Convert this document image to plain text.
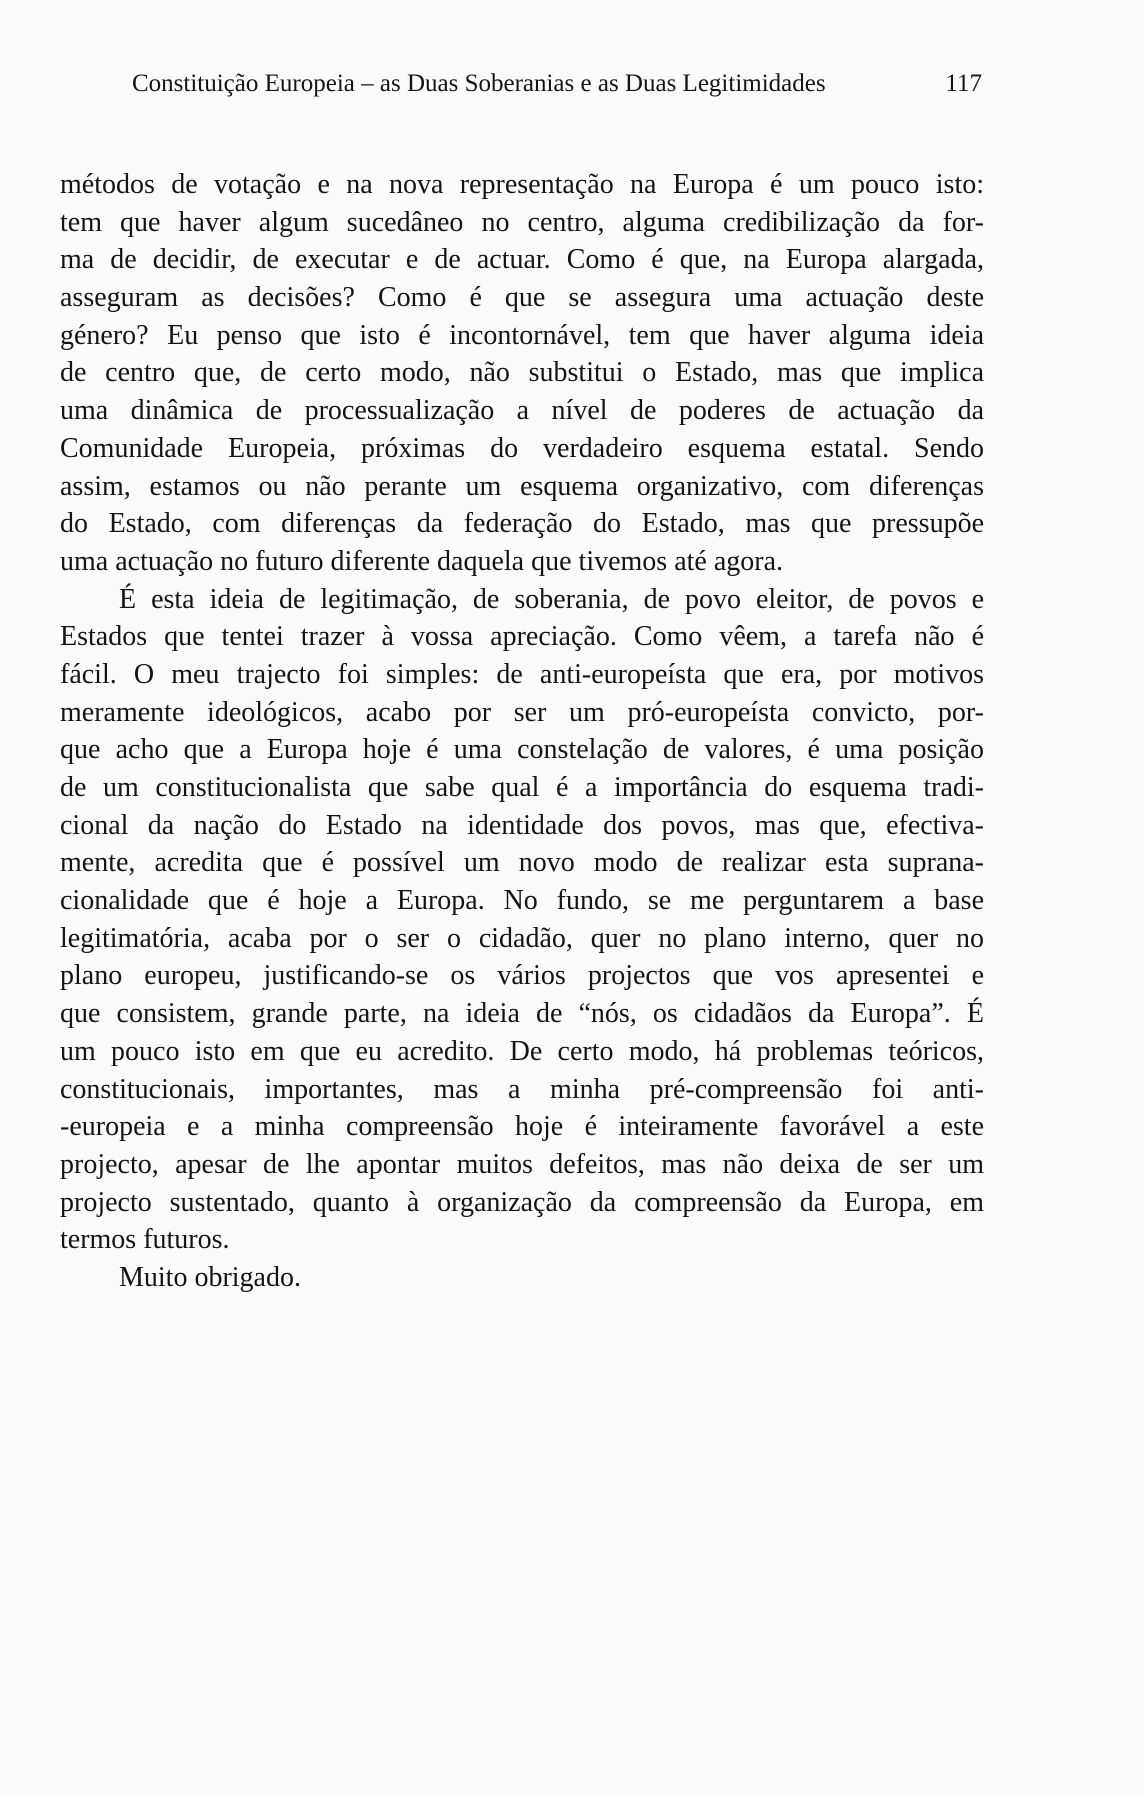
Constituição Europeia – as Duas Soberanias e as Duas Legitimidades	117
métodos de votação e na nova representação na Europa é um pouco isto:
tem que haver algum sucedâneo no centro, alguma credibilização da for-
ma de decidir, de executar e de actuar. Como é que, na Europa alargada,
asseguram as decisões? Como é que se assegura uma actuação deste
género? Eu penso que isto é incontornável, tem que haver alguma ideia
de centro que, de certo modo, não substitui o Estado, mas que implica
uma dinâmica de processualização a nível de poderes de actuação da
Comunidade Europeia, próximas do verdadeiro esquema estatal. Sendo
assim, estamos ou não perante um esquema organizativo, com diferenças
do Estado, com diferenças da federação do Estado, mas que pressupõe
uma actuação no futuro diferente daquela que tivemos até agora.
É esta ideia de legitimação, de soberania, de povo eleitor, de povos e
Estados que tentei trazer à vossa apreciação. Como vêem, a tarefa não é
fácil. O meu trajecto foi simples: de anti-europeísta que era, por motivos
meramente ideológicos, acabo por ser um pró-europeísta convicto, por-
que acho que a Europa hoje é uma constelação de valores, é uma posição
de um constitucionalista que sabe qual é a importância do esquema tradi-
cional da nação do Estado na identidade dos povos, mas que, efectiva-
mente, acredita que é possível um novo modo de realizar esta suprana-
cionalidade que é hoje a Europa. No fundo, se me perguntarem a base
legitimatória, acaba por o ser o cidadão, quer no plano interno, quer no
plano europeu, justificando-se os vários projectos que vos apresentei e
que consistem, grande parte, na ideia de “nós, os cidadãos da Europa”. É
um pouco isto em que eu acredito. De certo modo, há problemas teóricos,
constitucionais, importantes, mas a minha pré-compreensão foi anti-
-europeia e a minha compreensão hoje é inteiramente favorável a este
projecto, apesar de lhe apontar muitos defeitos, mas não deixa de ser um
projecto sustentado, quanto à organização da compreensão da Europa, em
termos futuros.
Muito obrigado.
